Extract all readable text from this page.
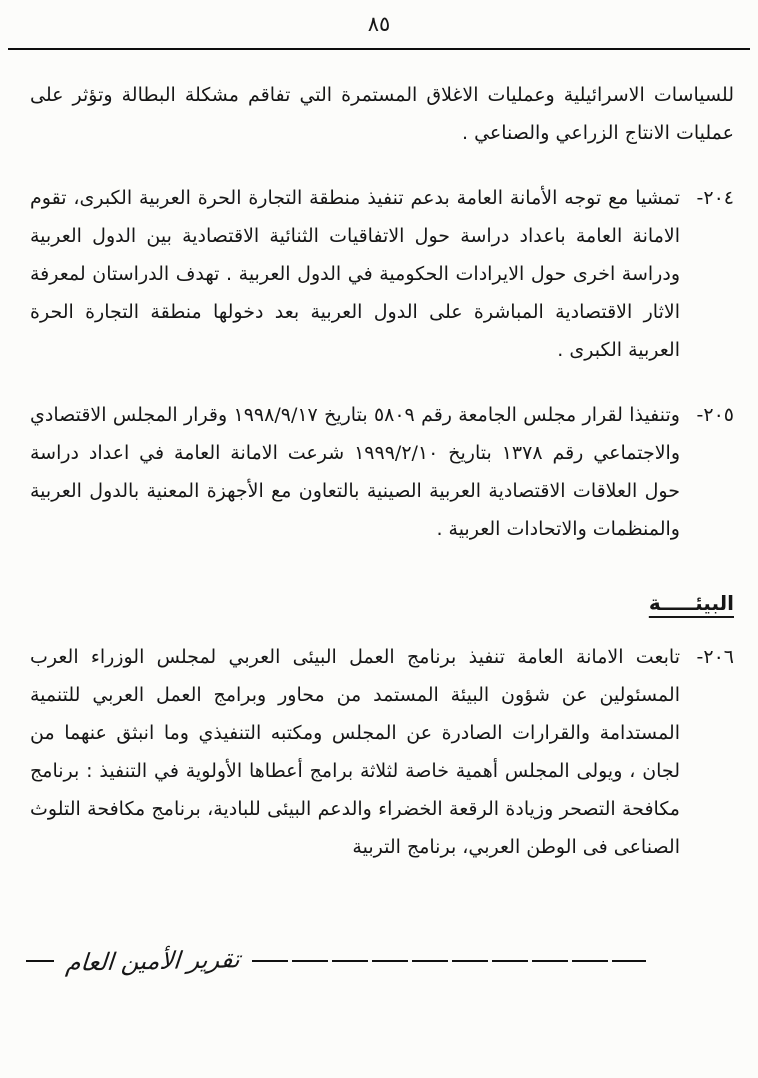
٨٥

للسياسات الاسرائيلية وعمليات الاغلاق المستمرة التي تفاقم مشكلة البطالة وتؤثر على عمليات الانتاج الزراعي والصناعي .

٢٠٤-تمشيا مع توجه الأمانة العامة بدعم تنفيذ منطقة التجارة الحرة العربية الكبرى، تقوم الامانة العامة باعداد دراسة حول الاتفاقيات الثنائية الاقتصادية بين الدول العربية ودراسة اخرى حول الايرادات الحكومية في الدول العربية . تهدف الدراستان لمعرفة الاثار الاقتصادية المباشرة على الدول العربية بعد دخولها منطقة التجارة الحرة العربية الكبرى .

٢٠٥-وتنفيذا لقرار مجلس الجامعة رقم ٥٨٠٩ بتاريخ ١٩٩٨/٩/١٧ وقرار المجلس الاقتصادي والاجتماعي رقم ١٣٧٨ بتاريخ ١٩٩٩/٢/١٠ شرعت الامانة العامة في اعداد دراسة حول العلاقات الاقتصادية العربية الصينية بالتعاون مع الأجهزة المعنية بالدول العربية والمنظمات والاتحادات العربية .

البيئـــــة

٢٠٦-تابعت الامانة العامة تنفيذ برنامج العمل البيئى العربي لمجلس الوزراء العرب المسئولين عن شؤون البيئة المستمد من محاور وبرامج العمل العربي للتنمية المستدامة والقرارات الصادرة عن المجلس ومكتبه التنفيذي وما انبثق عنهما من لجان ، ويولى المجلس أهمية خاصة لثلاثة برامج أعطاها الأولوية في التنفيذ : برنامج مكافحة التصحر وزيادة الرقعة الخضراء والدعم البيئى للبادية، برنامج مكافحة التلوث الصناعى فى الوطن العربي، برنامج التربية

تقرير الأمين العام
